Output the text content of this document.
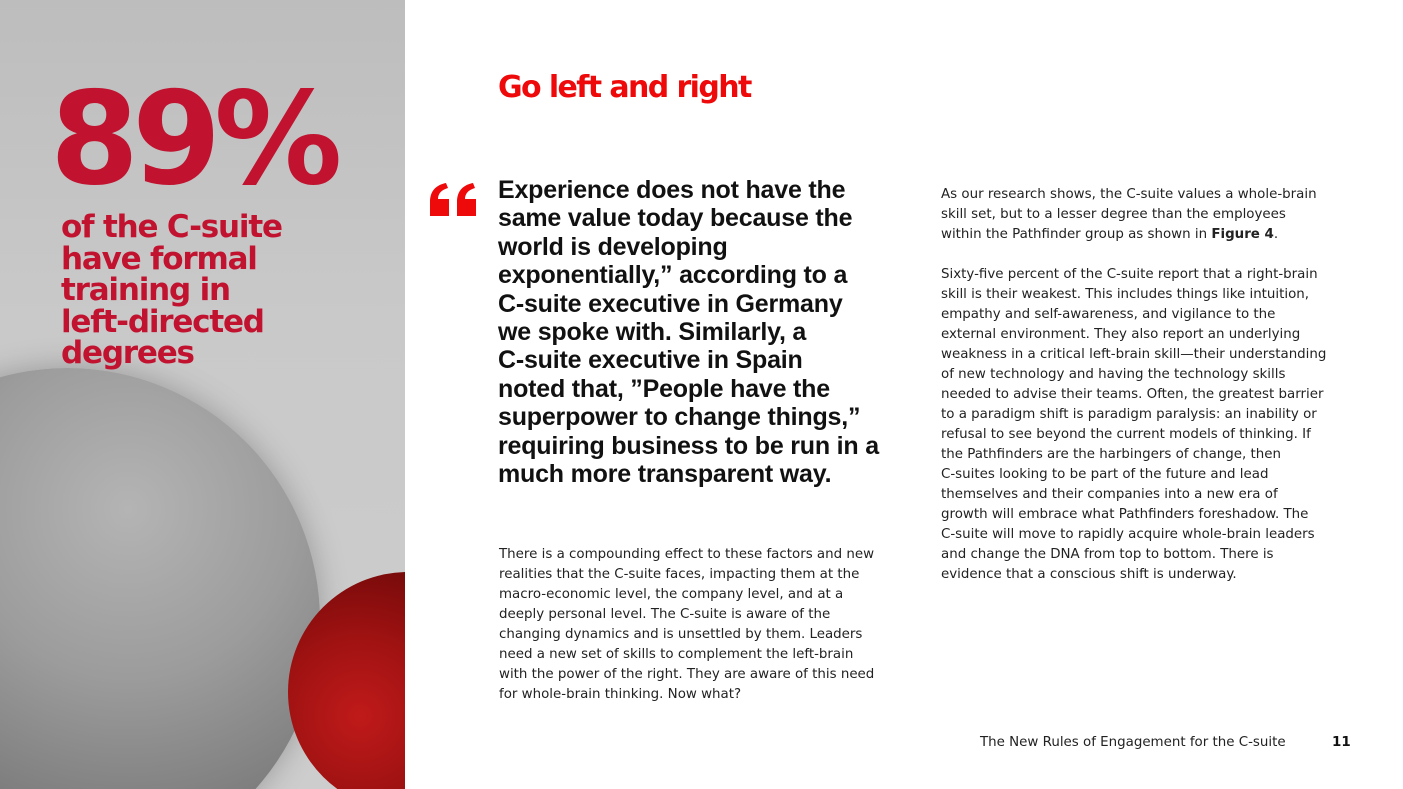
89%

of the C-suite
have formal
training in
left-directed
degrees

Go left and right

Experience does not have the
same value today because the
world is developing
exponentially,” according to a
C-suite executive in Germany
we spoke with. Similarly, a
C-suite executive in Spain
noted that, ”People have the
superpower to change things,”
requiring business to be run in a
much more transparent way.

There is a compounding effect to these factors and new
realities that the C-suite faces, impacting them at the
macro-economic level, the company level, and at a
deeply personal level. The C-suite is aware of the
changing dynamics and is unsettled by them. Leaders
need a new set of skills to complement the left-brain
with the power of the right. They are aware of this need
for whole-brain thinking. Now what?

As our research shows, the C-suite values a whole-brain
skill set, but to a lesser degree than the employees
within the Pathfinder group as shown in Figure 4.

Sixty-five percent of the C-suite report that a right-brain
skill is their weakest. This includes things like intuition,
empathy and self-awareness, and vigilance to the
external environment. They also report an underlying
weakness in a critical left-brain skill—their understanding
of new technology and having the technology skills
needed to advise their teams. Often, the greatest barrier
to a paradigm shift is paradigm paralysis: an inability or
refusal to see beyond the current models of thinking. If
the Pathfinders are the harbingers of change, then
C-suites looking to be part of the future and lead
themselves and their companies into a new era of
growth will embrace what Pathfinders foreshadow. The
C-suite will move to rapidly acquire whole-brain leaders
and change the DNA from top to bottom. There is
evidence that a conscious shift is underway.

The New Rules of Engagement for the C-suite	11
